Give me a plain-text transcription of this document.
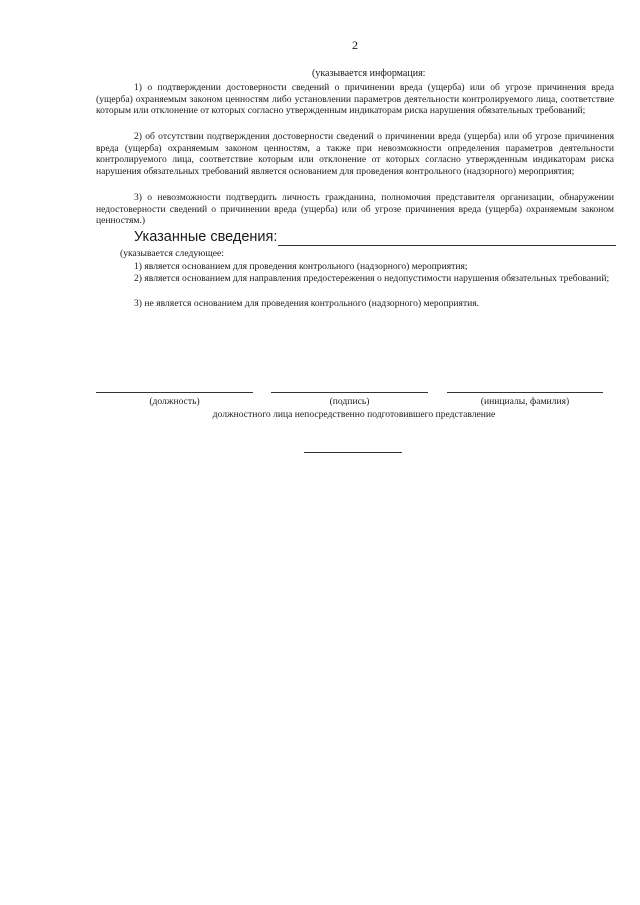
2
(указывается информация:

1) о подтверждении достоверности сведений о причинении вреда (ущерба) или об угрозе причинения вреда (ущерба) охраняемым законом ценностям либо установлении параметров деятельности контролируемого лица, соответствие которым или отклонение от которых согласно утвержденным индикаторам риска нарушения обязательных требований;

2) об отсутствии подтверждения достоверности сведений о причинении вреда (ущерба) или об угрозе причинения вреда (ущерба) охраняемым законом ценностям, а также при невозможности определения параметров деятельности контролируемого лица, соответствие которым или отклонение от которых согласно утвержденным индикаторам риска нарушения обязательных требований является основанием для проведения контрольного (надзорного) мероприятия;

3) о невозможности подтвердить личность гражданина, полномочия представителя организации, обнаружении недостоверности сведений о причинении вреда (ущерба) или об угрозе причинения вреда (ущерба) охраняемым законом ценностям.)

Указанные сведения:
(указывается следующее:

1) является основанием для проведения контрольного (надзорного) мероприятия;

2) является основанием для направления предостережения о недопустимости нарушения обязательных требований;

3) не является основанием для проведения контрольного (надзорного) мероприятия.

(должность)	(подпись)	(инициалы, фамилия)
должностного лица непосредственно подготовившего представление
